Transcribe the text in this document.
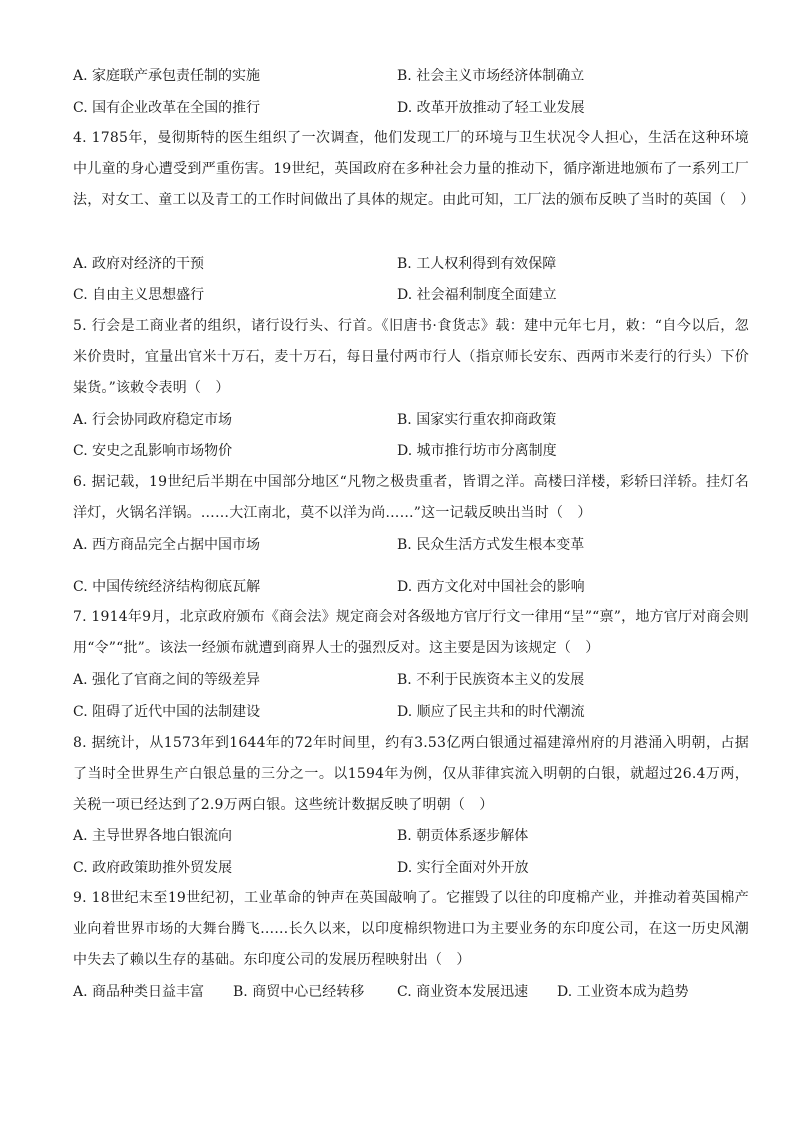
A. 家庭联产承包责任制的实施	B. 社会主义市场经济体制确立
C. 国有企业改革在全国的推行	D. 改革开放推动了轻工业发展
4. 1785年，曼彻斯特的医生组织了一次调查，他们发现工厂的环境与卫生状况令人担心，生活在这种环境中儿童的身心遭受到严重伤害。19世纪，英国政府在多种社会力量的推动下，循序渐进地颁布了一系列工厂法，对女工、童工以及青工的工作时间做出了具体的规定。由此可知，工厂法的颁布反映了当时的英国（　）
A. 政府对经济的干预	B. 工人权利得到有效保障
C. 自由主义思想盛行	D. 社会福利制度全面建立
5. 行会是工商业者的组织，诸行设行头、行首。《旧唐书·食货志》载：建中元年七月，敕：“自今以后，忽米价贵时，宜量出官米十万石，麦十万石，每日量付两市行人（指京师长安东、西两市米麦行的行头）下价粜货。”该敕令表明（　）
A. 行会协同政府稳定市场	B. 国家实行重农抑商政策
C. 安史之乱影响市场物价	D. 城市推行坊市分离制度
6. 据记载，19世纪后半期在中国部分地区“凡物之极贵重者，皆谓之洋。高楼曰洋楼，彩轿曰洋轿。挂灯名洋灯，火锅名洋锅。……大江南北，莫不以洋为尚……”这一记载反映出当时（　）
A. 西方商品完全占据中国市场	B. 民众生活方式发生根本变革
C. 中国传统经济结构彻底瓦解	D. 西方文化对中国社会的影响
7. 1914年9月，北京政府颁布《商会法》规定商会对各级地方官厅行文一律用“呈”“禀”，地方官厅对商会则用“令”“批”。该法一经颁布就遭到商界人士的强烈反对。这主要是因为该规定（　）
A. 强化了官商之间的等级差异	B. 不利于民族资本主义的发展
C. 阻碍了近代中国的法制建设	D. 顺应了民主共和的时代潮流
8. 据统计，从1573年到1644年的72年时间里，约有3.53亿两白银通过福建漳州府的月港涌入明朝，占据了当时全世界生产白银总量的三分之一。以1594年为例，仅从菲律宾流入明朝的白银，就超过26.4万两，关税一项已经达到了2.9万两白银。这些统计数据反映了明朝（　）
A. 主导世界各地白银流向	B. 朝贡体系逐步解体
C. 政府政策助推外贸发展	D. 实行全面对外开放
9. 18世纪末至19世纪初，工业革命的钟声在英国敲响了。它摧毁了以往的印度棉产业，并推动着英国棉产业向着世界市场的大舞台腾飞……长久以来，以印度棉织物进口为主要业务的东印度公司，在这一历史风潮中失去了赖以生存的基础。东印度公司的发展历程映射出（　）
A. 商品种类日益丰富 B. 商贸中心已经转移 C. 商业资本发展迅速 D. 工业资本成为趋势
